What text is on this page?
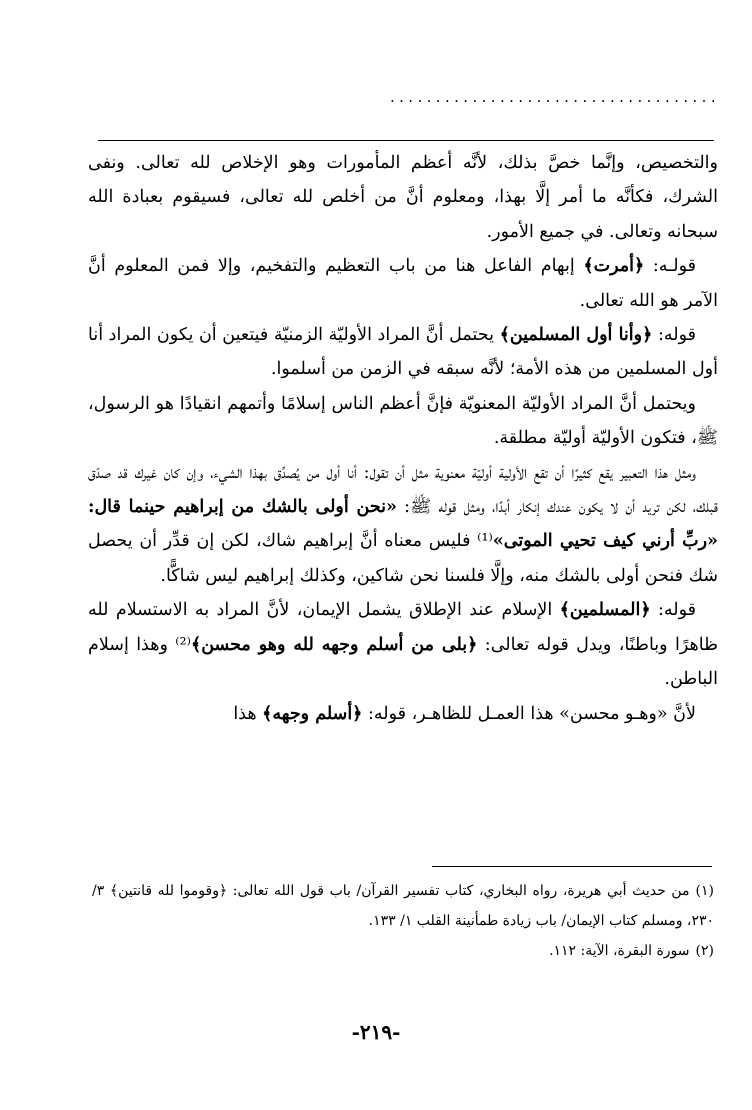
....................................

والتخصيص، وإنَّما خصَّ بذلك، لأنَّه أعظم المأمورات وهو الإخلاص لله تعالى. ونفى الشرك، فكأنَّه ما أمر إلَّا بهذا، ومعلوم أنَّ من أخلص لله تعالى، فسيقوم بعبادة الله سبحانه وتعالى. في جميع الأمور.

قولـه: ﴿أمرت﴾ إبهام الفاعل هنا من باب التعظيم والتفخيم، وإلا فمن المعلوم أنَّ الآمر هو الله تعالى.

قوله: ﴿وأنا أول المسلمين﴾ يحتمل أنَّ المراد الأوليّة الزمنيّة فيتعين أن يكون المراد أنا أول المسلمين من هذه الأمة؛ لأنَّه سبقه في الزمن من أسلموا.

ويحتمل أنَّ المراد الأوليّة المعنويّة فإنَّ أعظم الناس إسلامًا وأتمهم انقيادًا هو الرسول، ﷺ، فتكون الأوليّة أوليّة مطلقة.

ومثل هذا التعبير يقع كثيرًا أن تقع الأولية أوليّة معنوية مثل أن تقول: أنا أول من يُصدِّق بهذا الشيء، وإن كان غيرك قد صدّق قبلك، لكن تريد أن لا يكون عندك إنكار أبدًا، ومثل قوله ﷺ: «نحن أولى بالشك من إبراهيم حينما قال: «ربِّ أرني كيف تحيي الموتى»⁽¹⁾ فليس معناه أنَّ إبراهيم شاك، لكن إن قدِّر أن يحصل شك فنحن أولى بالشك منه، وإلَّا فلسنا نحن شاكين، وكذلك إبراهيم ليس شاكًّا.

قوله: ﴿المسلمين﴾ الإسلام عند الإطلاق يشمل الإيمان، لأنَّ المراد به الاستسلام لله ظاهرًا وباطنًا، ويدل قوله تعالى: ﴿بلى من أسلم وجهه لله وهو محسن﴾⁽²⁾ وهذا إسلام الباطن.

لأنَّ «وهـو محسن» هذا العمـل للظاهـر، قوله: ﴿أسلم وجهه﴾ هذا

(١)من حديث أبي هريرة، رواه البخاري، كتاب تفسير القرآن/ باب قول الله تعالى: ﴿وقوموا لله قانتين﴾ ٣/ ٢٣٠، ومسلم كتاب الإيمان/ باب زيادة طمأنينة القلب ١/ ١٣٣.

(٢)سورة البقرة، الآية: ١١٢.

-٢١٩-
